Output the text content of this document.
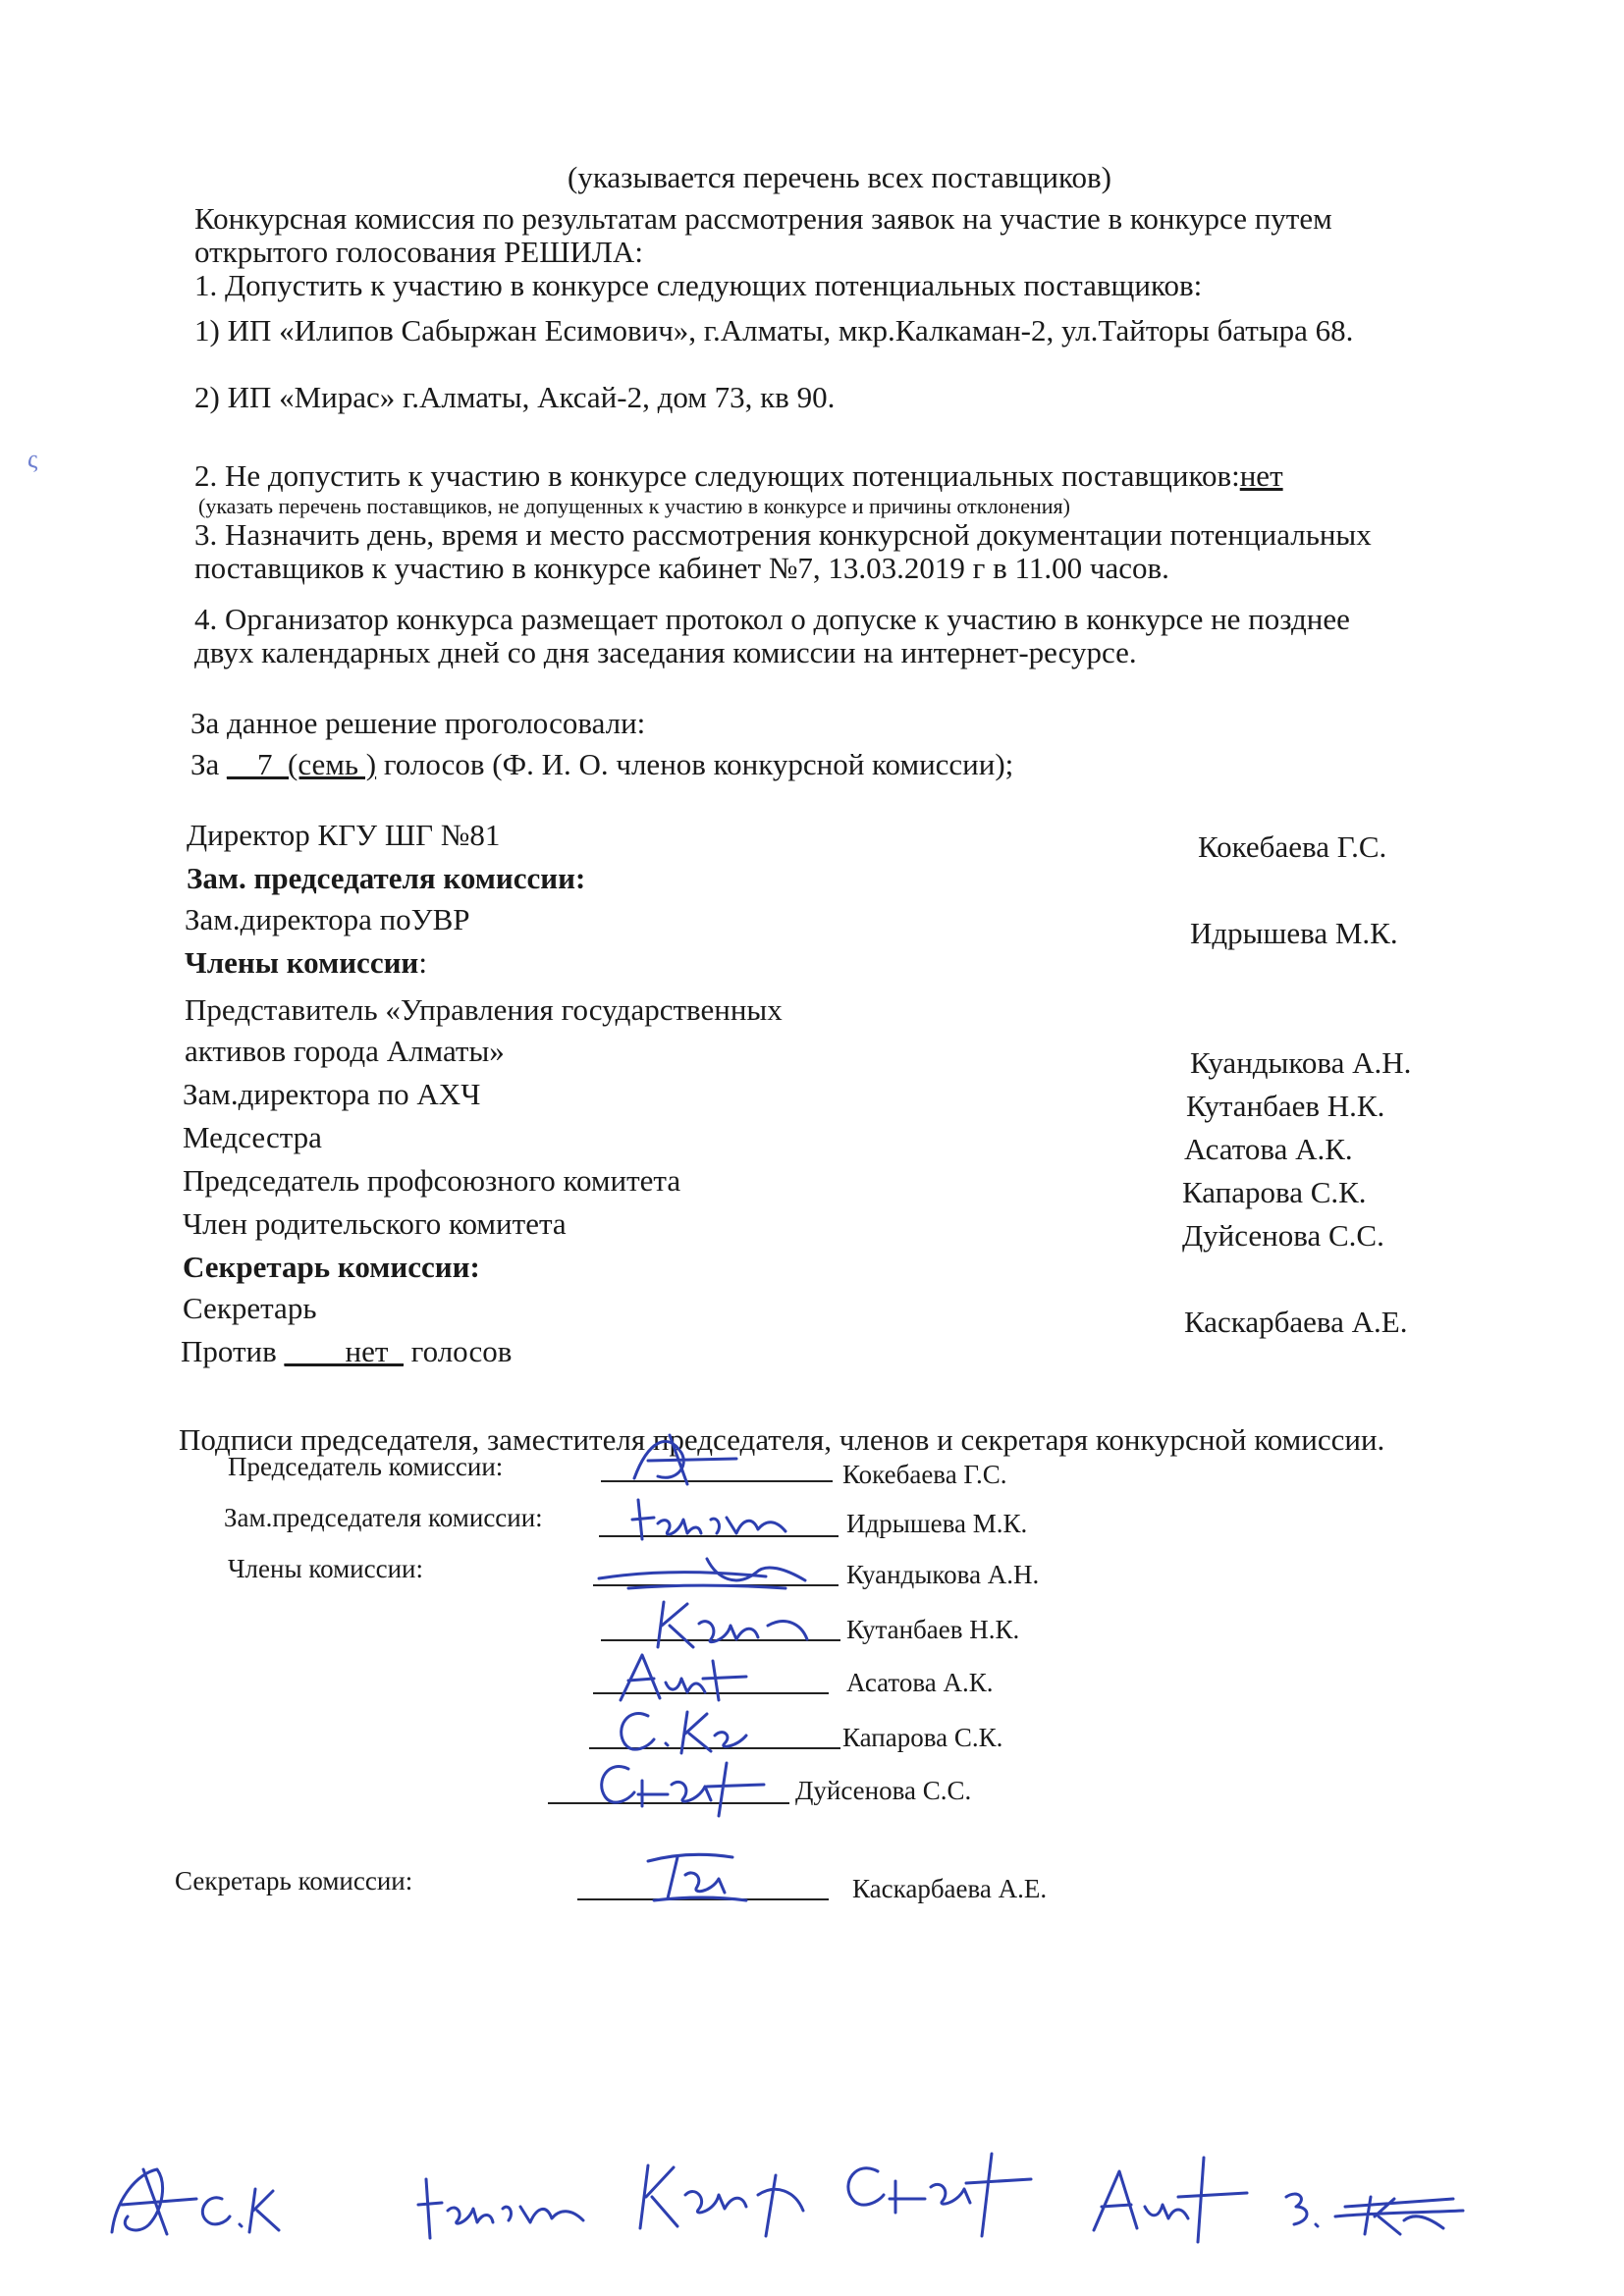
(указывается перечень всех поставщиков)
Конкурсная комиссия по результатам рассмотрения заявок на участие в конкурсе путем
открытого голосования РЕШИЛА:
1. Допустить к участию в конкурсе следующих потенциальных поставщиков:
1) ИП «Илипов Сабыржан Есимович», г.Алматы, мкр.Калкаман-2, ул.Тайторы батыра 68.
2) ИП «Мирас» г.Алматы, Аксай-2, дом 73, кв 90.
2. Не допустить к участию в конкурсе следующих потенциальных поставщиков:нет
(указать перечень поставщиков, не допущенных к участию в конкурсе и причины отклонения)
3. Назначить день, время и место рассмотрения конкурсной документации потенциальных
поставщиков к участию в конкурсе кабинет №7, 13.03.2019 г в 11.00 часов.
4. Организатор конкурса размещает протокол о допуске к участию в конкурсе не позднее
двух календарных дней со дня заседания комиссии на интернет-ресурсе.
За данное решение проголосовали:
За __7_(семь ) голосов (Ф. И. О. членов конкурсной комиссии);
Директор КГУ ШГ №81	Кокебаева Г.С.
Зам. председателя комиссии:
Зам.директора поУВР	Идрышева М.К.
Члены комиссии:
Представитель «Управления государственных
активов города Алматы»	Куандыкова А.Н.
Зам.директора по АХЧ	Кутанбаев Н.К.
Медсестра	Асатова А.К.
Председатель профсоюзного комитета	Капарова С.К.
Член родительского комитета	Дуйсенова С.С.
Секретарь комиссии:
Секретарь	Каскарбаева А.Е.
Против ____нет_ голосов
Подписи председателя, заместителя председателя, членов и секретаря конкурсной комиссии.
Председатель комиссии:	Кокебаева Г.С.
Зам.председателя комиссии:	Идрышева М.К.
Члены комиссии:	Куандыкова А.Н.
Кутанбаев Н.К.
Асатова А.К.
Капарова С.К.
Дуйсенова С.С.
Секретарь комиссии:	Каскарбаева А.Е.
ς
